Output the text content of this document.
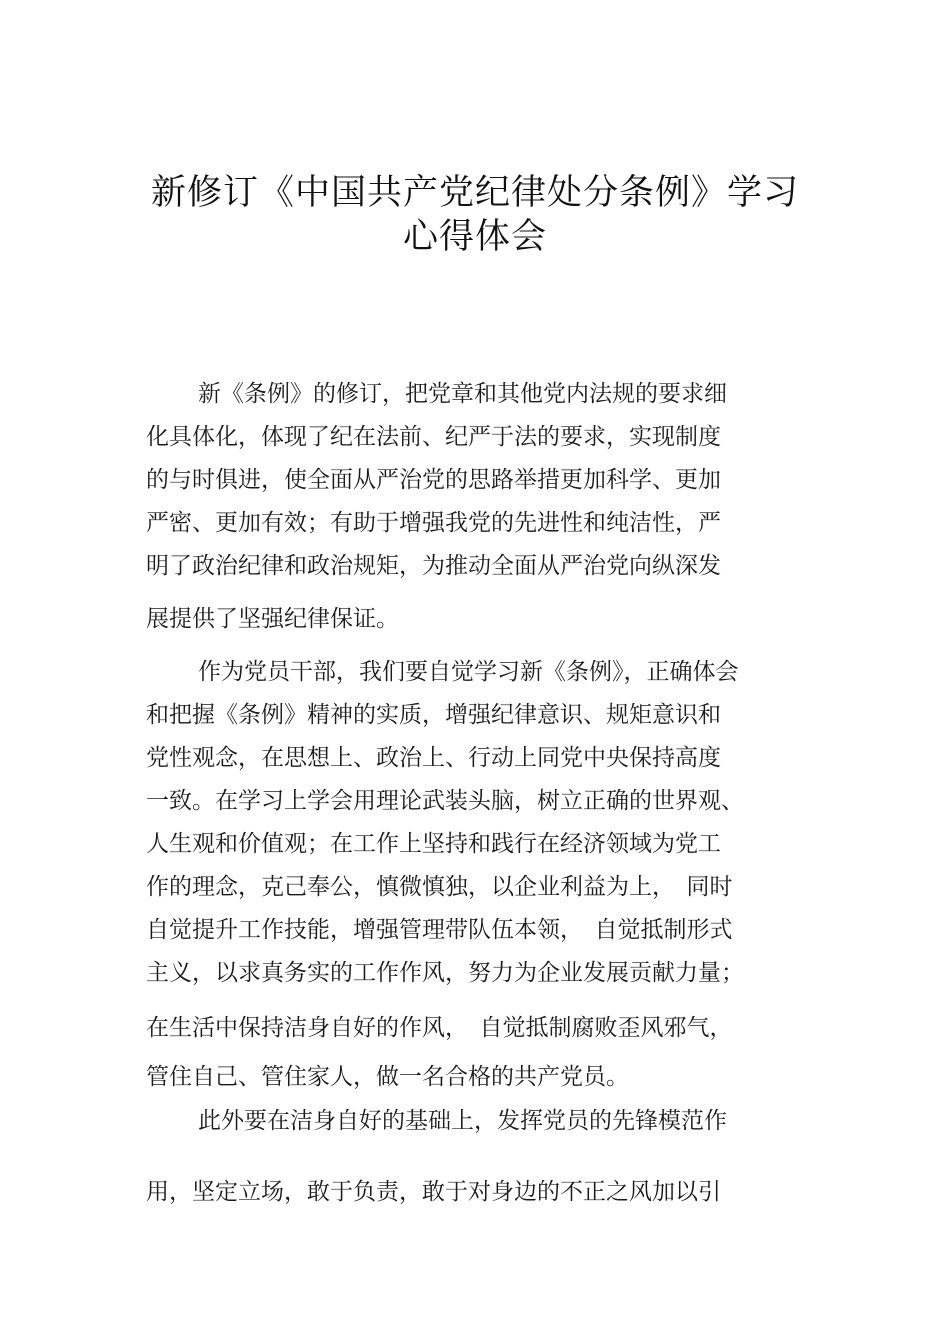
新修订《中国共产党纪律处分条例》学习
心得体会
新《条例》的修订，把党章和其他党内法规的要求细
化具体化，体现了纪在法前、纪严于法的要求，实现制度
的与时俱进，使全面从严治党的思路举措更加科学、更加
严密、更加有效；有助于增强我党的先进性和纯洁性，严
明了政治纪律和政治规矩，为推动全面从严治党向纵深发
展提供了坚强纪律保证。
作为党员干部，我们要自觉学习新《条例》，正确体会
和把握《条例》精神的实质，增强纪律意识、规矩意识和
党性观念，在思想上、政治上、行动上同党中央保持高度
一致。在学习上学会用理论武装头脑，树立正确的世界观、
人生观和价值观；在工作上坚持和践行在经济领域为党工
作的理念，克己奉公，慎微慎独，以企业利益为上，　同时
自觉提升工作技能，增强管理带队伍本领，　自觉抵制形式
主义，以求真务实的工作作风，努力为企业发展贡献力量；
在生活中保持洁身自好的作风，　自觉抵制腐败歪风邪气，
管住自己、管住家人，做一名合格的共产党员。
此外要在洁身自好的基础上，发挥党员的先锋模范作
用，坚定立场，敢于负责，敢于对身边的不正之风加以引
